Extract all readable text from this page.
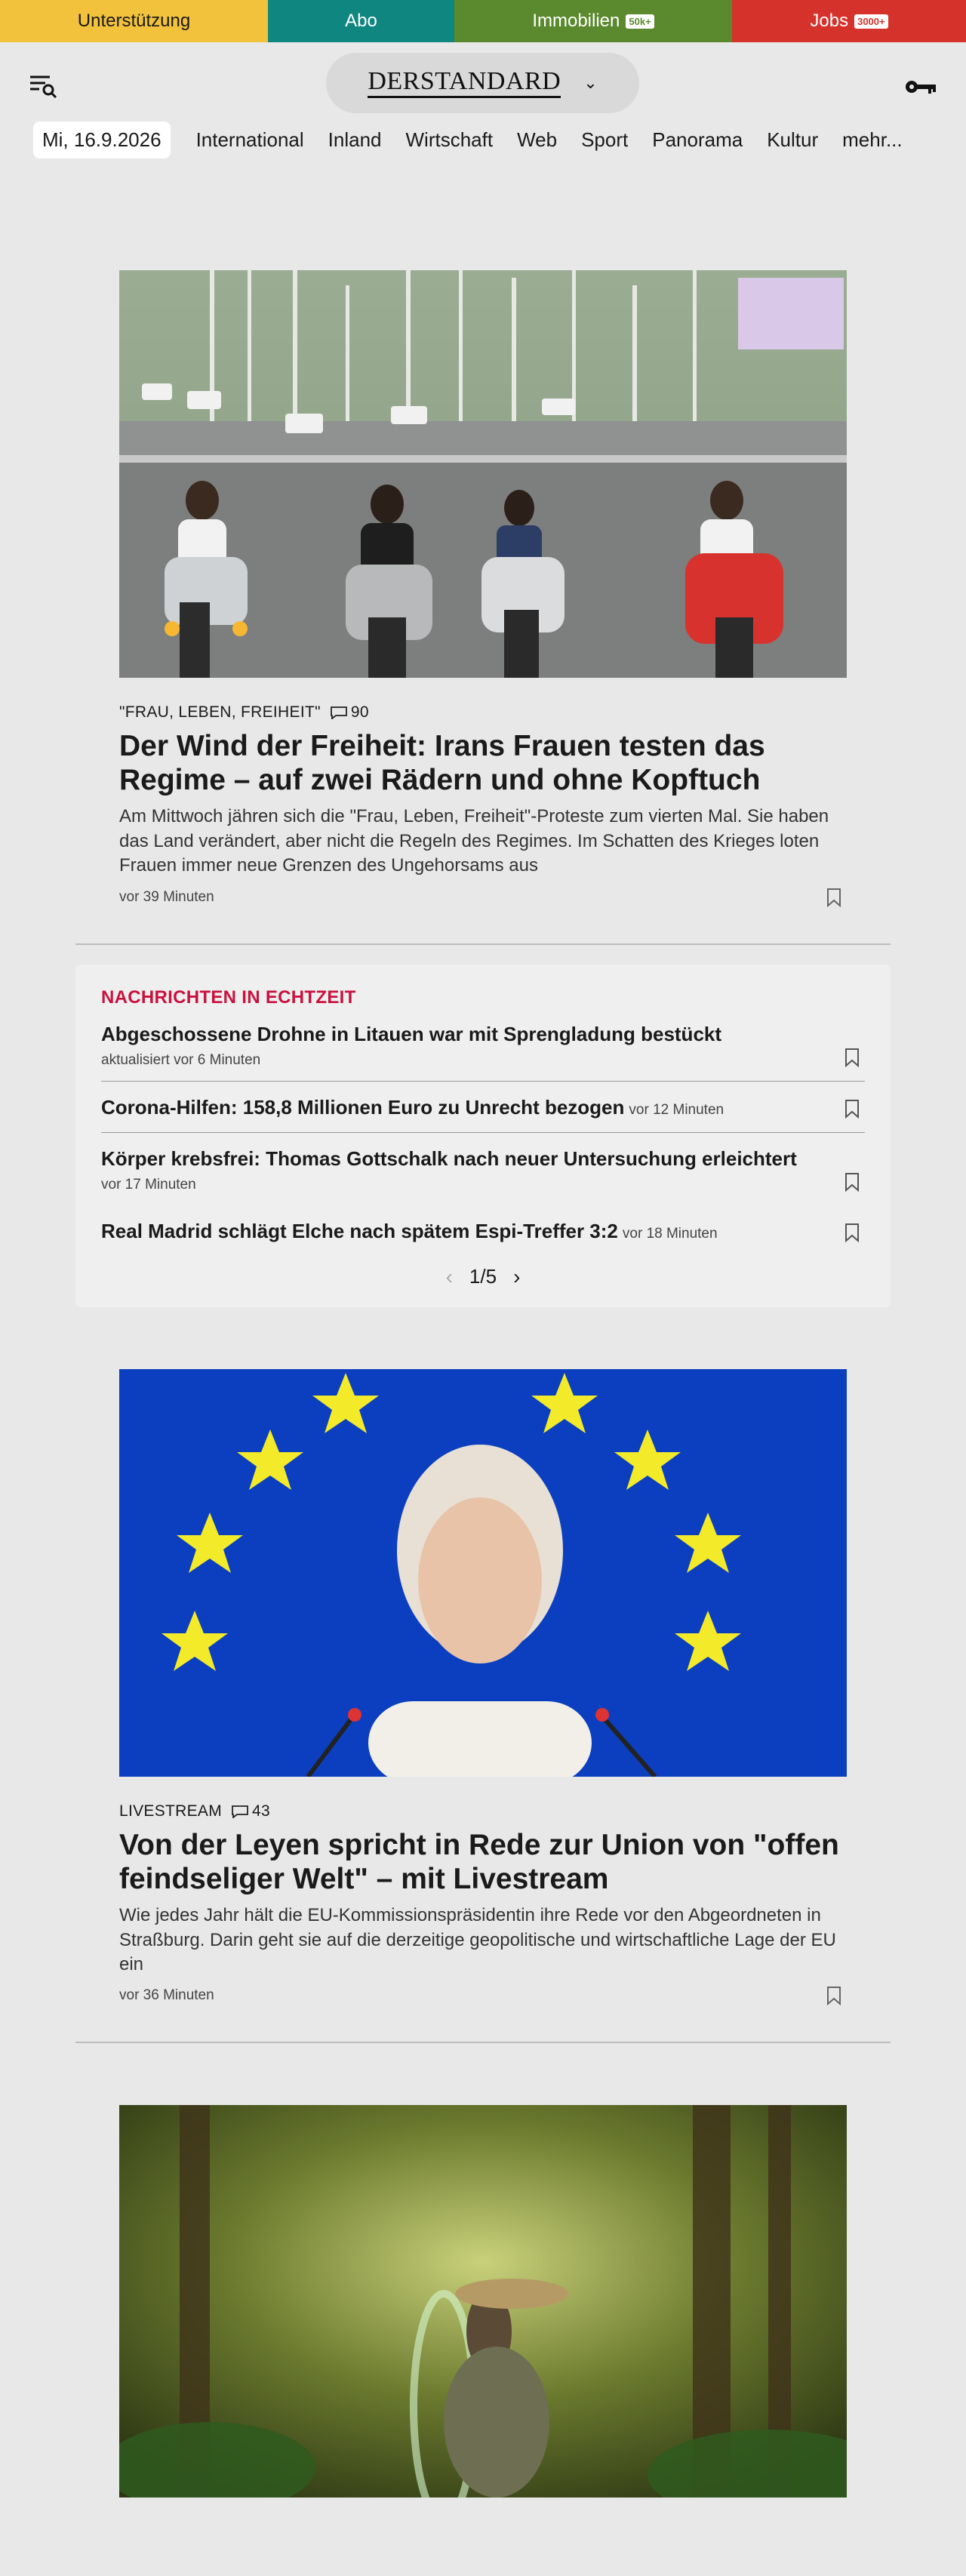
Unterstützung	Abo	Immobilien 50k+	Jobs 3000+
DERSTANDARD ⌄
Mi, 16.9.2026	International Inland Wirtschaft Web Sport Panorama Kultur mehr...
"FRAU, LEBEN, FREIHEIT" 90
Der Wind der Freiheit: Irans Frauen testen das Regime – auf zwei Rädern und ohne Kopftuch

Am Mittwoch jähren sich die "Frau, Leben, Freiheit"-Proteste zum vierten Mal. Sie haben das Land verändert, aber nicht die Regeln des Regimes. Im Schatten des Krieges loten Frauen immer neue Grenzen des Ungehorsams aus

vor 39 Minuten
NACHRICHTEN IN ECHTZEIT
Abgeschossene Drohne in Litauen war mit Sprengladung bestückt
aktualisiert vor 6 Minuten
Corona-Hilfen: 158,8 Millionen Euro zu Unrecht bezogen vor 12 Minuten
Körper krebsfrei: Thomas Gottschalk nach neuer Untersuchung erleichtert
vor 17 Minuten
Real Madrid schlägt Elche nach spätem Espi-Treffer 3:2 vor 18 Minuten
‹ 1/5 ›
LIVESTREAM 43
Von der Leyen spricht in Rede zur Union von "offen feindseliger Welt" – mit Livestream

Wie jedes Jahr hält die EU-Kommissionspräsidentin ihre Rede vor den Abgeordneten in Straßburg. Darin geht sie auf die derzeitige geopolitische und wirtschaftliche Lage der EU ein

vor 36 Minuten
